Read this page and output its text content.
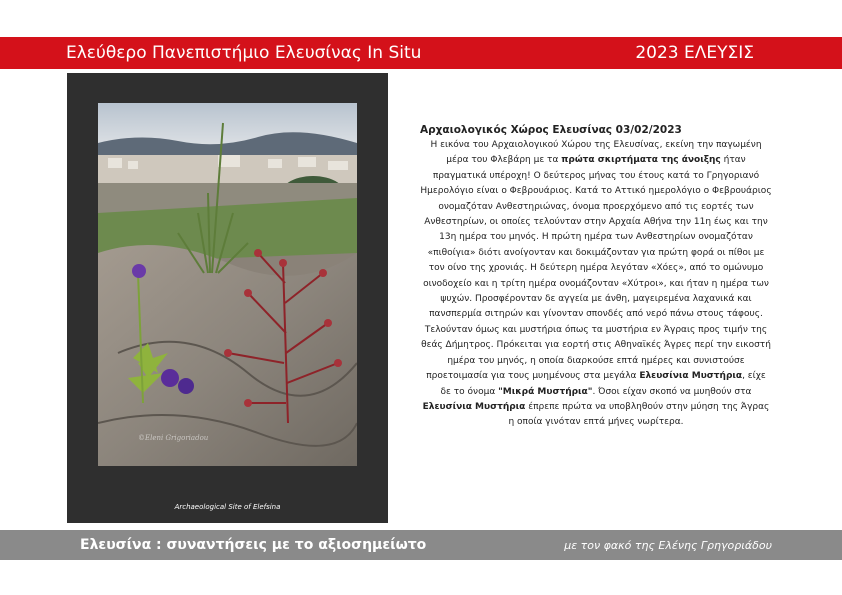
Ελεύθερο Πανεπιστήμιο Ελευσίνας In Situ	2023 ΕΛΕΥΣΙΣ
©Eleni Grigoriadou
Archaeological Site of Elefsina
Αρχαιολογικός Χώρος Ελευσίνας 03/02/2023

Η εικόνα του Αρχαιολογικού Χώρου της Ελευσίνας, εκείνη την παγωμένη μέρα του Φλεβάρη με τα πρώτα σκιρτήματα της άνοιξης ήταν πραγματικά υπέροχη! Ο δεύτερος μήνας του έτους κατά το Γρηγοριανό Ημερολόγιο είναι ο Φεβρουάριος. Κατά το Αττικό ημερολόγιο ο Φεβρουάριος ονομαζόταν Ανθεστηριώνας, όνομα προερχόμενο από τις εορτές των Ανθεστηρίων, οι οποίες τελούνταν στην Αρχαία Αθήνα την 11η έως και την 13η ημέρα του μηνός. Η πρώτη ημέρα των Ανθεστηρίων ονομαζόταν «πιθοίγια» διότι ανοίγονταν και δοκιμάζονταν για πρώτη φορά οι πίθοι με τον οίνο της χρονιάς. Η δεύτερη ημέρα λεγόταν «Χόες», από το ομώνυμο οινοδοχείο και η τρίτη ημέρα ονομάζονταν «Χύτροι», και ήταν η ημέρα των ψυχών. Προσφέρονταν δε αγγεία με άνθη, μαγειρεμένα λαχανικά και πανσπερμία σιτηρών και γίνονταν σπονδές από νερό πάνω στους τάφους. Τελούνταν όμως και μυστήρια όπως τα μυστήρια εν Άγραις προς τιμήν της θεάς Δήμητρος. Πρόκειται για εορτή στις Αθηναϊκές Άγρες περί την εικοστή ημέρα του μηνός, η οποία διαρκούσε επτά ημέρες και συνιστούσε προετοιμασία για τους μυημένους στα μεγάλα Ελευσίνια Μυστήρια, είχε δε το όνομα "Μικρά Μυστήρια". Όσοι είχαν σκοπό να μυηθούν στα Ελευσίνια Μυστήρια έπρεπε πρώτα να υποβληθούν στην μύηση της Άγρας η οποία γινόταν επτά μήνες νωρίτερα.

Ελευσίνα : συναντήσεις με το αξιοσημείωτο	με τον φακό της Ελένης Γρηγοριάδου
